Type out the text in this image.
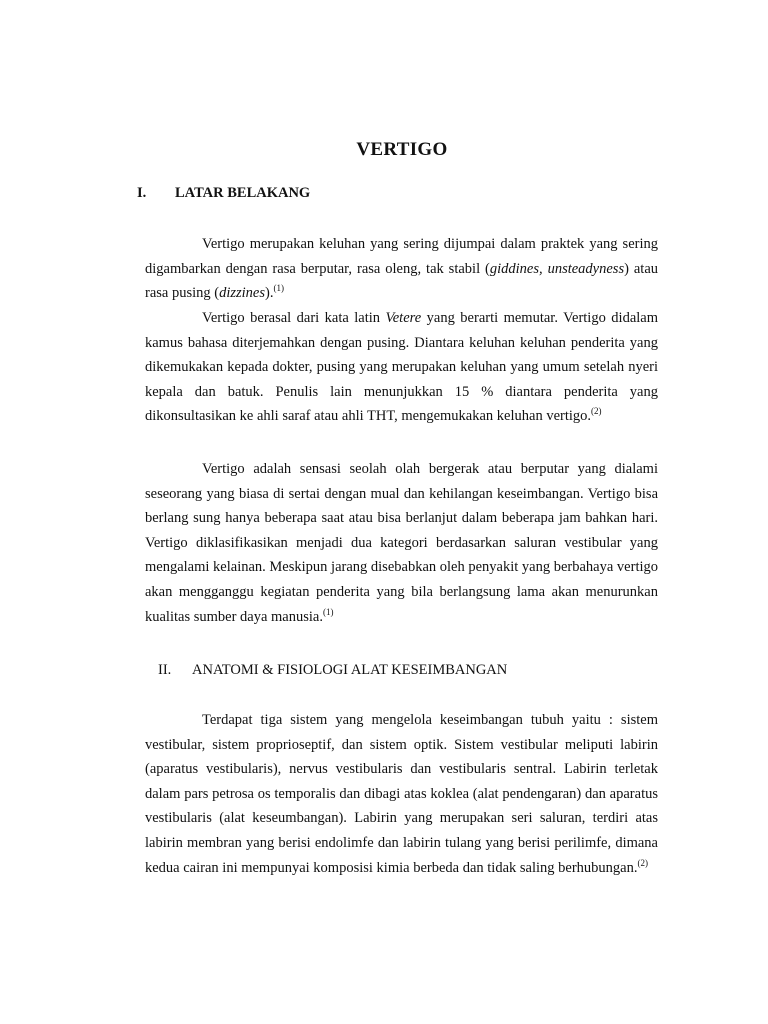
VERTIGO
I. LATAR BELAKANG

Vertigo merupakan keluhan yang sering dijumpai dalam praktek yang sering digambarkan dengan rasa berputar, rasa oleng, tak stabil (giddines, unsteadyness) atau rasa pusing (dizzines).$^{(1)}$

Vertigo berasal dari kata latin Vetere yang berarti memutar. Vertigo didalam kamus bahasa diterjemahkan dengan pusing. Diantara keluhan keluhan penderita yang dikemukakan kepada dokter, pusing yang merupakan keluhan yang umum setelah nyeri kepala dan batuk. Penulis lain menunjukkan 15 % diantara penderita yang dikonsultasikan ke ahli saraf atau ahli THT, mengemukakan keluhan vertigo.$^{(2)}$

Vertigo adalah sensasi seolah olah bergerak atau berputar yang dialami seseorang yang biasa di sertai dengan mual dan kehilangan keseimbangan. Vertigo bisa berlang sung hanya beberapa saat atau bisa berlanjut dalam beberapa jam bahkan hari. Vertigo diklasifikasikan menjadi dua kategori berdasarkan saluran vestibular yang mengalami kelainan. Meskipun jarang disebabkan oleh penyakit yang berbahaya vertigo akan mengganggu kegiatan penderita yang bila berlangsung lama akan menurunkan kualitas sumber daya manusia.$^{(1)}$

II. ANATOMI & FISIOLOGI ALAT KESEIMBANGAN

Terdapat tiga sistem yang mengelola keseimbangan tubuh yaitu : sistem vestibular, sistem proprioseptif, dan sistem optik. Sistem vestibular meliputi labirin (aparatus vestibularis), nervus vestibularis dan vestibularis sentral. Labirin terletak dalam pars petrosa os temporalis dan dibagi atas koklea (alat pendengaran) dan aparatus vestibularis (alat keseumbangan). Labirin yang merupakan seri saluran, terdiri atas labirin membran yang berisi endolimfe dan labirin tulang yang berisi perilimfe, dimana kedua cairan ini mempunyai komposisi kimia berbeda dan tidak saling berhubungan.$^{(2)}$
